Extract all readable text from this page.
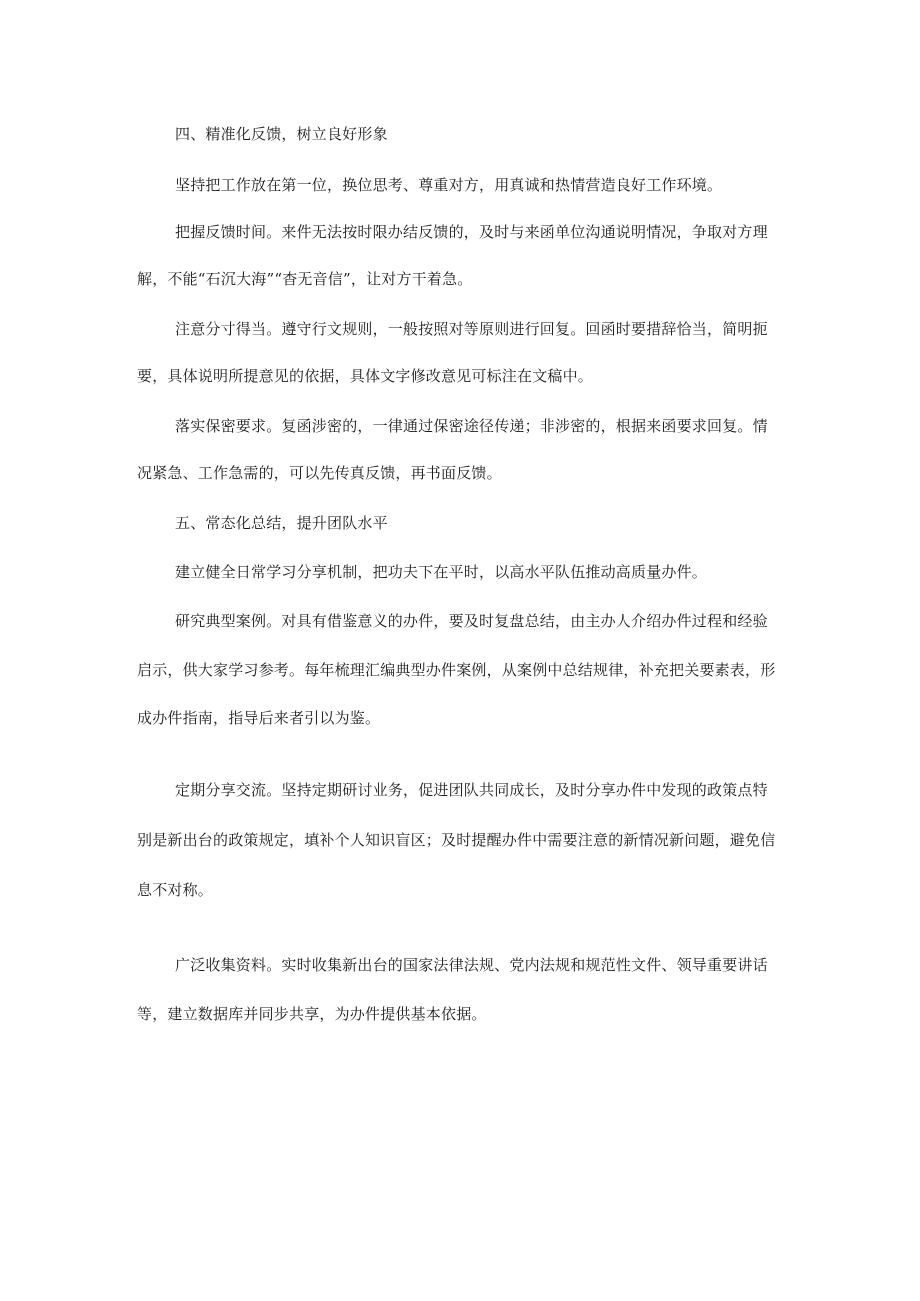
四、精准化反馈，树立良好形象
坚持把工作放在第一位，换位思考、尊重对方，用真诚和热情营造良好工作环境。
把握反馈时间。来件无法按时限办结反馈的，及时与来函单位沟通说明情况，争取对方理
解，不能“石沉大海”“杳无音信”，让对方干着急。
注意分寸得当。遵守行文规则，一般按照对等原则进行回复。回函时要措辞恰当，简明扼
要，具体说明所提意见的依据，具体文字修改意见可标注在文稿中。
落实保密要求。复函涉密的，一律通过保密途径传递；非涉密的，根据来函要求回复。情
况紧急、工作急需的，可以先传真反馈，再书面反馈。
五、常态化总结，提升团队水平
建立健全日常学习分享机制，把功夫下在平时，以高水平队伍推动高质量办件。
研究典型案例。对具有借鉴意义的办件，要及时复盘总结，由主办人介绍办件过程和经验
启示，供大家学习参考。每年梳理汇编典型办件案例，从案例中总结规律，补充把关要素表，形
成办件指南，指导后来者引以为鉴。
定期分享交流。坚持定期研讨业务，促进团队共同成长，及时分享办件中发现的政策点特
别是新出台的政策规定，填补个人知识盲区；及时提醒办件中需要注意的新情况新问题，避免信
息不对称。
广泛收集资料。实时收集新出台的国家法律法规、党内法规和规范性文件、领导重要讲话
等，建立数据库并同步共享，为办件提供基本依据。
